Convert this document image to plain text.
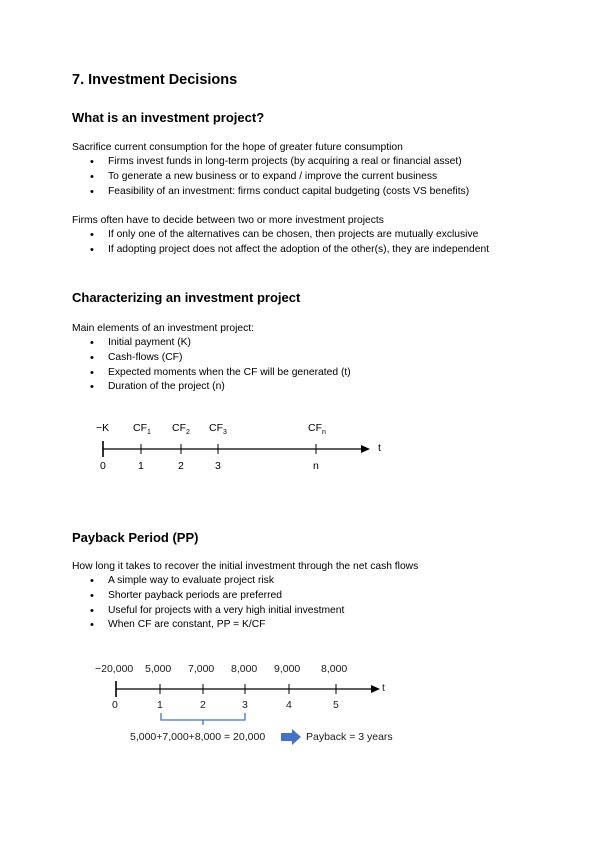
7. Investment Decisions
What is an investment project?

Sacrifice current consumption for the hope of greater future consumption

• Firms invest funds in long-term projects (by acquiring a real or financial asset)
• To generate a new business or to expand / improve the current business
• Feasibility of an investment: firms conduct capital budgeting (costs VS benefits)

Firms often have to decide between two or more investment projects

• If only one of the alternatives can be chosen, then projects are mutually exclusive
• If adopting project does not affect the adoption of the other(s), they are independent
Characterizing an investment project

Main elements of an investment project:

• Initial payment (K)
• Cash-flows (CF)
• Expected moments when the CF will be generated (t)
• Duration of the project (n)
−K $CF_1$ $CF_2$ $CF_3$	$CF_n$
t
0	1	2	3	n
Payback Period (PP)

How long it takes to recover the initial investment through the net cash flows

• A simple way to evaluate project risk
• Shorter payback periods are preferred
• Useful for projects with a very high initial investment
• When CF are constant, PP = K/CF
−20,000 5,000 7,000 8,000 9,000 8,000
t
0	1	2	3	4	5
5,000+7,000+8,000 = 20,000	Payback = 3 years
